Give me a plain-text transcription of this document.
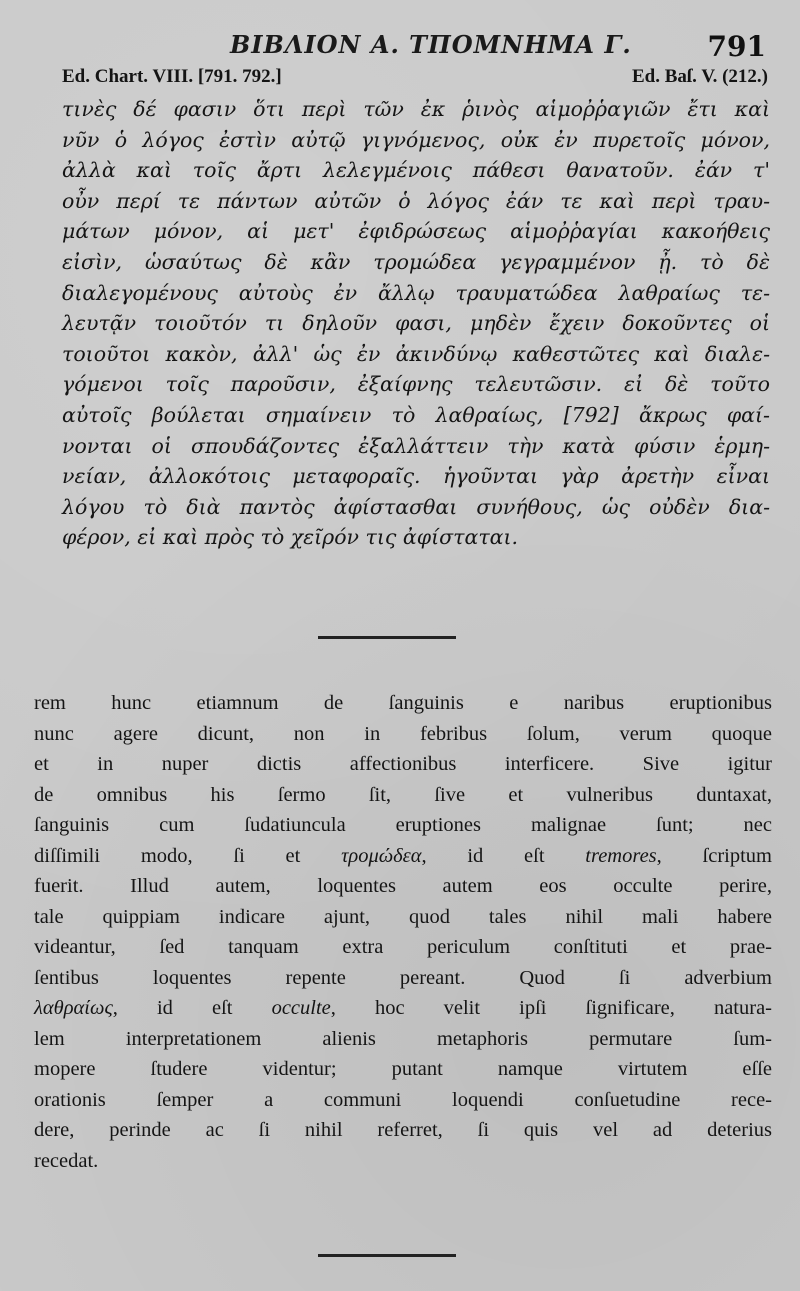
ΒΙΒΛΙΟΝ Α. ΤΠΟΜΝΗΜΑ Γ.	791
Ed. Chart. VIII. [791. 792.]	Ed. Baſ. V. (212.)
τινὲς δέ φασιν ὅτι περὶ τῶν ἐκ ῥινὸς αἱμοῤῥαγιῶν ἔτι καὶ
νῦν ὁ λόγος ἐστὶν αὐτῷ γιγνόμενος, οὐκ ἐν πυρετοῖς μόνον,
ἀλλὰ καὶ τοῖς ἄρτι λελεγμένοις πάθεσι θανατοῦν. ἐάν τ'
οὖν περί τε πάντων αὐτῶν ὁ λόγος ἐάν τε καὶ περὶ τραυ-
μάτων μόνον, αἱ μετ' ἐφιδρώσεως αἱμοῤῥαγίαι κακοήθεις
εἰσὶν, ὡσαύτως δὲ κἂν τρομώδεα γεγραμμένον ᾖ. τὸ δὲ
διαλεγομένους αὐτοὺς ἐν ἄλλῳ τραυματώδεα λαθραίως τε-
λευτᾷν τοιοῦτόν τι δηλοῦν φασι, μηδὲν ἔχειν δοκοῦντες οἱ
τοιοῦτοι κακὸν, ἀλλ' ὡς ἐν ἀκινδύνῳ καθεστῶτες καὶ διαλε-
γόμενοι τοῖς παροῦσιν, ἐξαίφνης τελευτῶσιν. εἰ δὲ τοῦτο
αὐτοῖς βούλεται σημαίνειν τὸ λαθραίως, [792] ἄκρως φαί-
νονται οἱ σπουδάζοντες ἐξαλλάττειν τὴν κατὰ φύσιν ἑρμη-
νείαν, ἀλλοκότοις μεταφοραῖς. ἡγοῦνται γὰρ ἀρετὴν εἶναι
λόγου τὸ διὰ παντὸς ἀφίστασθαι συνήθους, ὡς οὐδὲν δια-
φέρον, εἰ καὶ πρὸς τὸ χεῖρόν τις ἀφίσταται.
rem hunc etiamnum de ſanguinis e naribus eruptionibus
nunc agere dicunt, non in febribus ſolum, verum quoque
et in nuper dictis affectionibus interficere. Sive igitur
de omnibus his ſermo ſit, ſive et vulneribus duntaxat,
ſanguinis cum ſudatiuncula eruptiones malignae ſunt; nec
diſſimili modo, ſi et τρομώδεα, id eſt tremores, ſcriptum
fuerit. Illud autem, loquentes autem eos occulte perire,
tale quippiam indicare ajunt, quod tales nihil mali habere
videantur, ſed tanquam extra periculum conſtituti et prae-
ſentibus loquentes repente pereant. Quod ſi adverbium
λαθραίως, id eſt occulte, hoc velit ipſi ſignificare, natura-
lem interpretationem alienis metaphoris permutare ſum-
mopere ſtudere videntur; putant namque virtutem eſſe
orationis ſemper a communi loquendi conſuetudine rece-
dere, perinde ac ſi nihil referret, ſi quis vel ad deterius
recedat.
